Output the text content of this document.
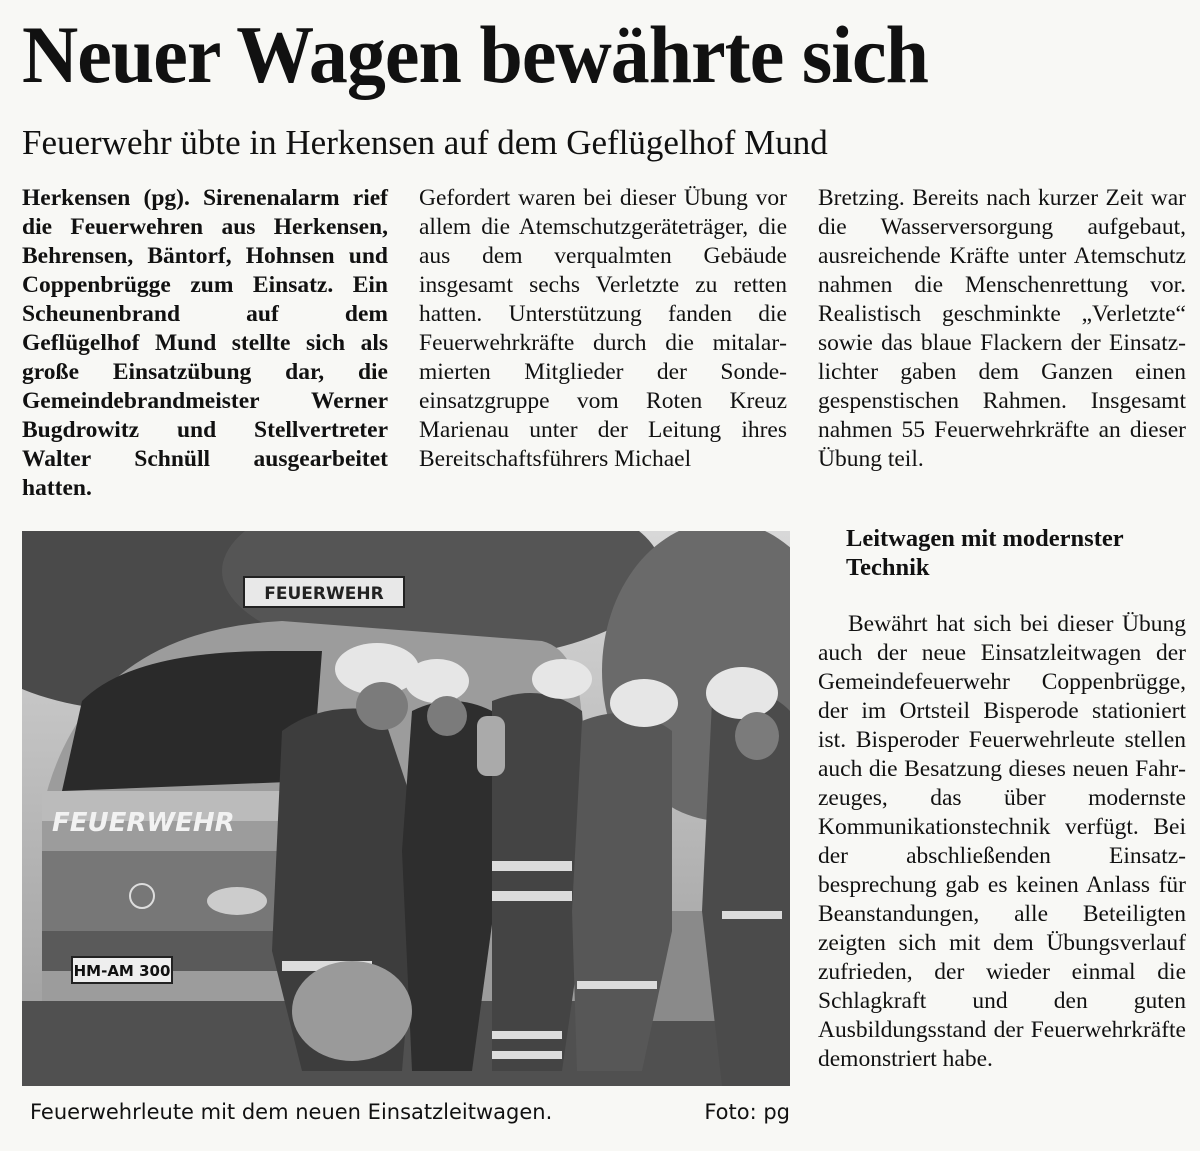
Neuer Wagen bewährte sich
Feuerwehr übte in Herkensen auf dem Geflügelhof Mund

Herkensen (pg). Sirenenalarm rief die Feuerwehren aus Herkensen, Behrensen, Bäntorf, Hohnsen und Coppenbrügge zum Einsatz. Ein Scheunenbrand auf dem Geflügelhof Mund stellte sich als große Einsatzübung dar, die Gemeindebrandmeister Werner Bugdrowitz und Stellvertreter Walter Schnüll ausgearbeitet hatten.

Gefordert waren bei dieser Übung vor allem die Atemschutzgeräteträger, die aus dem verqualmten Gebäude insgesamt sechs Verletzte zu retten hatten. Unterstützung fanden die Feuerwehrkräfte durch die mitalarmierten Mitglieder der Sondeeinsatzgruppe vom Roten Kreuz Marienau unter der Leitung ihres Bereitschaftsführers Michael

Bretzing. Bereits nach kurzer Zeit war die Wasserversorgung aufgebaut, ausreichende Kräfte unter Atemschutz nahmen die Menschenrettung vor. Realistisch geschminkte „Verletzte“ sowie das blaue Flackern der Einsatzlichter gaben dem Ganzen einen gespenstischen Rahmen. Insgesamt nahmen 55 Feuerwehrkräfte an dieser Übung teil.

Leitwagen mit modernster Technik

Bewährt hat sich bei dieser Übung auch der neue Einsatzleitwagen der Gemeindefeuerwehr Coppenbrügge, der im Ortsteil Bisperode stationiert ist. Bisperoder Feuerwehrleute stellen auch die Besatzung dieses neuen Fahrzeuges, das über modernste Kommunikationstechnik verfügt. Bei der abschließenden Einsatzbesprechung gab es keinen Anlass für Beanstandungen, alle Beteiligten zeigten sich mit dem Übungsverlauf zufrieden, der wieder einmal die Schlagkraft und den guten Ausbildungsstand der Feuerwehrkräfte demonstriert habe.

FEUERWEHR
FEUERWEHR
HM-AM 300
Feuerwehrleute mit dem neuen Einsatzleitwagen.	Foto: pg
